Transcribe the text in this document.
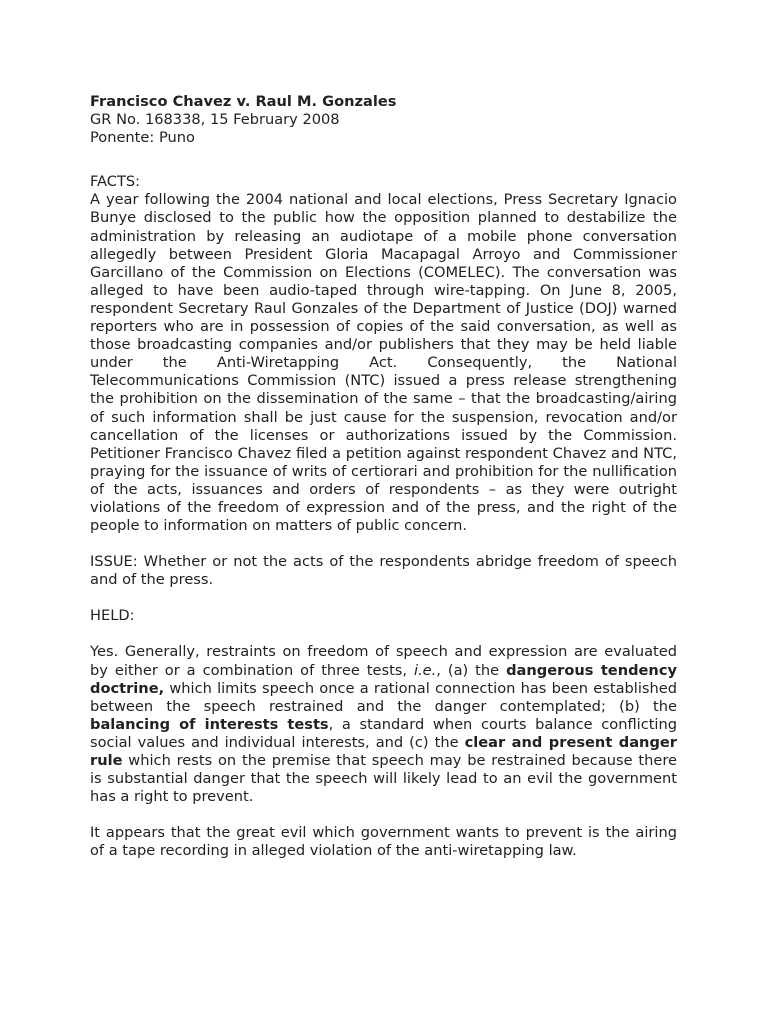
Francisco Chavez v. Raul M. Gonzales
GR No. 168338, 15 February 2008
Ponente: Puno
FACTS:

A year following the 2004 national and local elections, Press Secretary Ignacio Bunye disclosed to the public how the opposition planned to destabilize the administration by releasing an audiotape of a mobile phone conversation allegedly between President Gloria Macapagal Arroyo and Commissioner Garcillano of the Commission on Elections (COMELEC). The conversation was alleged to have been audio-taped through wire-tapping. On June 8, 2005, respondent Secretary Raul Gonzales of the Department of Justice (DOJ) warned reporters who are in possession of copies of the said conversation, as well as those broadcasting companies and/or publishers that they may be held liable under the Anti-Wiretapping Act. Consequently, the National Telecommunications Commission (NTC) issued a press release strengthening the prohibition on the dissemination of the same – that the broadcasting/airing of such information shall be just cause for the suspension, revocation and/or cancellation of the licenses or authorizations issued by the Commission. Petitioner Francisco Chavez filed a petition against respondent Chavez and NTC, praying for the issuance of writs of certiorari and prohibition for the nullification of the acts, issuances and orders of respondents – as they were outright violations of the freedom of expression and of the press, and the right of the people to information on matters of public concern.

ISSUE: Whether or not the acts of the respondents abridge freedom of speech and of the press.

HELD:

Yes. Generally, restraints on freedom of speech and expression are evaluated by either or a combination of three tests, i.e., (a) the dangerous tendency doctrine, which limits speech once a rational connection has been established between the speech restrained and the danger contemplated; (b) the balancing of interests tests, a standard when courts balance conflicting social values and individual interests, and (c) the clear and present danger rule which rests on the premise that speech may be restrained because there is substantial danger that the speech will likely lead to an evil the government has a right to prevent.

It appears that the great evil which government wants to prevent is the airing of a tape recording in alleged violation of the anti-wiretapping law.
